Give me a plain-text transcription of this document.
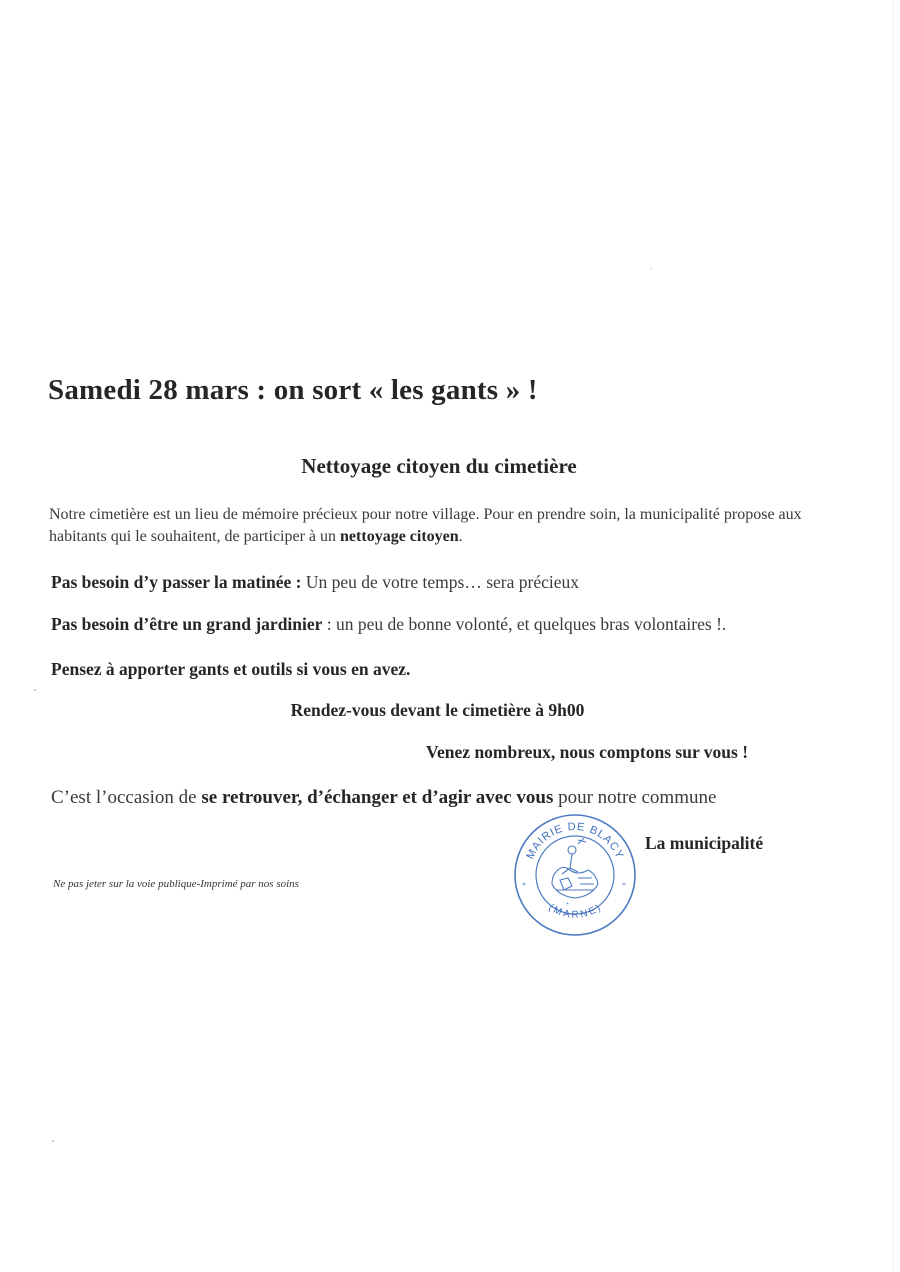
Samedi 28 mars : on sort « les gants » !
Nettoyage citoyen du cimetière
Notre cimetière est un lieu de mémoire précieux pour notre village. Pour en prendre soin, la municipalité propose aux habitants qui le souhaitent, de participer à un nettoyage citoyen.
Pas besoin d’y passer la matinée : Un peu de votre temps… sera précieux
Pas besoin d’être un grand jardinier : un peu de bonne volonté, et quelques bras volontaires !.
Pensez à apporter gants et outils si vous en avez.
Rendez-vous devant le cimetière à 9h00
Venez nombreux, nous comptons sur vous !
C’est l’occasion de se retrouver, d’échanger et d’agir avec vous pour notre commune
La municipalité
Ne pas jeter sur la voie publique-Imprimé par nos soins
✦
*	*
MAIRIE DE BLACY
(MARNE)
